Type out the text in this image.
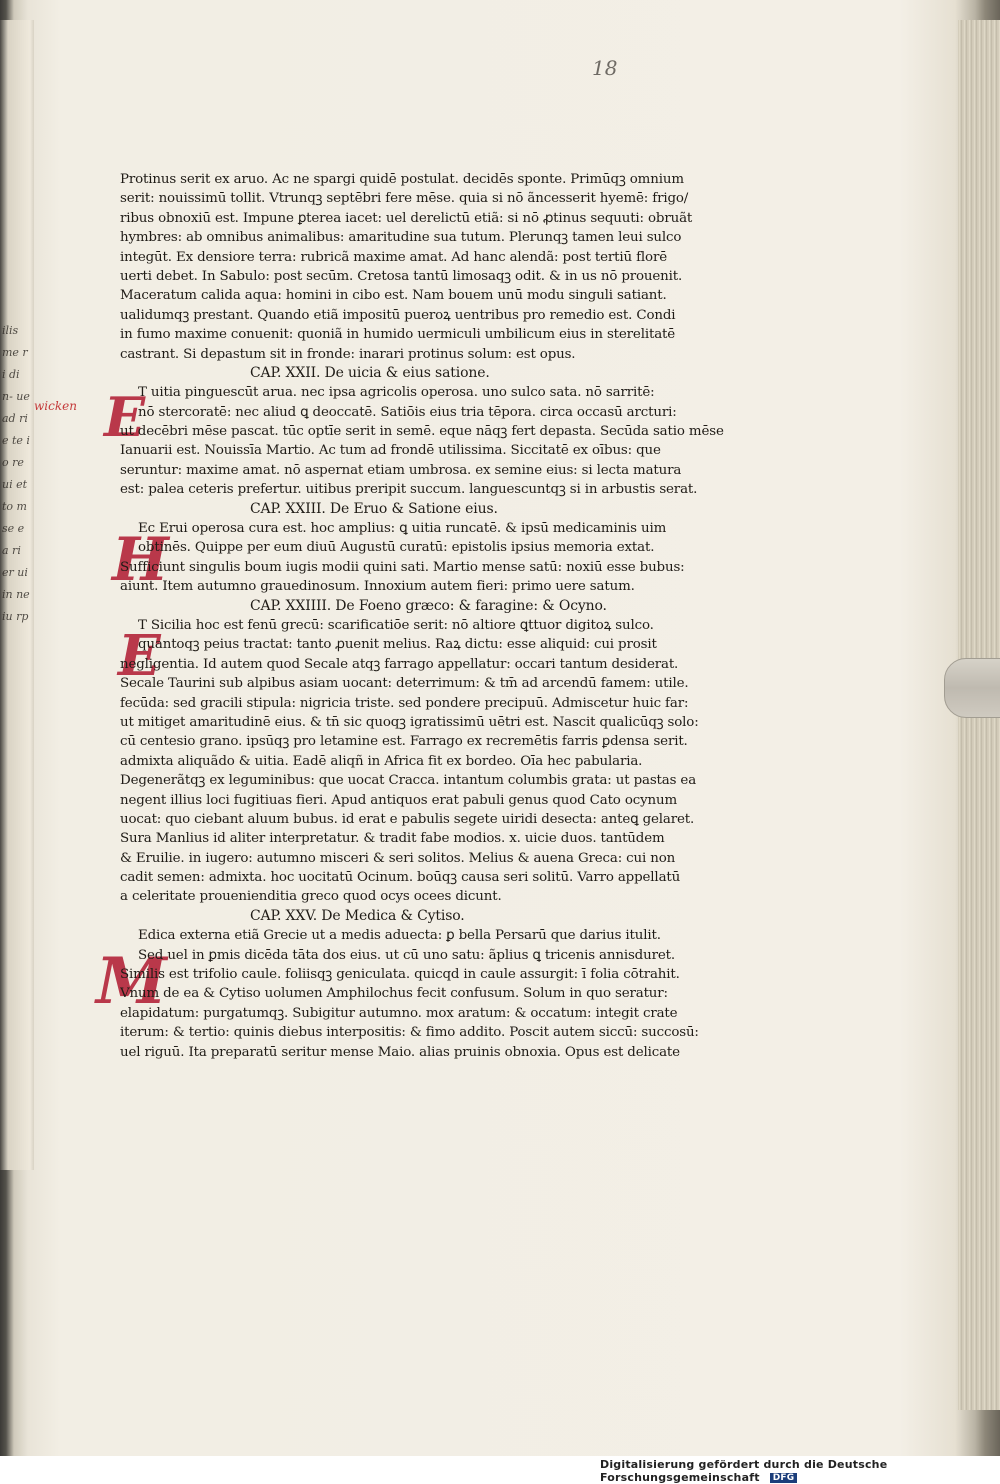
ilis me ri di n- ue ad rie te io re ui et to m se ea ri er ui in ne iu rp
18
wicken E
H
E
M
Protinus serit ex aruo. Ac ne spargi quidē postulat. decidēs sponte. Primūqꝫ omnium
serit: nouissimū tollit. Vtrunqꝫ septēbri fere mēse. quia si nō ãncesserit hyemē: frigo/
ribus obnoxiū est. Impune ꝑterea iacet: uel derelictū etiã: si nō ꝓtinus sequuti: obruãt
hymbres: ab omnibus animalibus: amaritudine sua tutum. Plerunqꝫ tamen leui sulco
integūt. Ex densiore terra: rubricã maxime amat. Ad hanc alendã: post tertiū florē
uerti debet. In Sabulo: post secūm. Cretosa tantū limosaqꝫ odit. & in us nō prouenit.
Maceratum calida aqua: homini in cibo est. Nam bouem unū modu singuli satiant.
ualidumqꝫ prestant. Quando etiã impositū pueroꝝ uentribus pro remedio est. Condi
in fumo maxime conuenit: quoniã in humido uermiculi umbilicum eius in sterelitatē
castrant. Si depastum sit in fronde: inarari protinus solum: est opus.
CAP. XXII. De uicia & eius satione.
T uitia pinguescūt arua. nec ipsa agricolis operosa. uno sulco sata. nō sarritē:
nō stercoratē: nec aliud ꝗ deoccatē. Satiōis eius tria tēpora. circa occasū arcturi:
ut decēbri mēse pascat. tūc optīe serit in semē. eque nāqꝫ fert depasta. Secūda satio mēse
Ianuarii est. Nouissīa Martio. Ac tum ad frondē utilissima. Siccitatē ex oībus: que
seruntur: maxime amat. nō aspernat etiam umbrosa. ex semine eius: si lecta matura
est: palea ceteris prefertur. uitibus preripit succum. languescuntqꝫ si in arbustis serat.
CAP. XXIII. De Eruo & Satione eius.
Ec Erui operosa cura est. hoc amplius: ꝗ uitia runcatē. & ipsū medicaminis uim
obtinēs. Quippe per eum diuū Augustū curatū: epistolis ipsius memoria extat.
Sufficiunt singulis boum iugis modii quini sati. Martio mense satū: noxiū esse bubus:
aiunt. Item autumno grauedinosum. Innoxium autem fieri: primo uere satum.
CAP. XXIIII. De Foeno græco: & faragine: & Ocyno.
T Sicilia hoc est fenū grecū: scarificatiōe serit: nō altiore ꝗttuor digitoꝝ sulco.
quantoqꝫ peius tractat: tanto ꝓuenit melius. Raꝝ dictu: esse aliquid: cui prosit
negligentia. Id autem quod Secale atqꝫ farrago appellatur: occari tantum desiderat.
Secale Taurini sub alpibus asiam uocant: deterrimum: & tm̄ ad arcendū famem: utile.
fecūda: sed gracili stipula: nigricia triste. sed pondere precipuū. Admiscetur huic far:
ut mitiget amaritudinē eius. & tn̄ sic quoqꝫ igratissimū uētri est. Nascit qualicūqꝫ solo:
cū centesio grano. ipsūqꝫ pro letamine est. Farrago ex recremētis farris ꝑdensa serit.
admixta aliquãdo & uitia. Eadē aliqñ in Africa fit ex bordeo. Oīa hec pabularia.
Degenerãtqꝫ ex leguminibus: que uocat Cracca. intantum columbis grata: ut pastas ea
negent illius loci fugitiuas fieri. Apud antiquos erat pabuli genus quod Cato ocynum
uocat: quo ciebant aluum bubus. id erat e pabulis segete uiridi desecta: anteꝗ gelaret.
Sura Manlius id aliter interpretatur. & tradit fabe modios. x. uicie duos. tantūdem
& Eruilie. in iugero: autumno misceri & seri solitos. Melius & auena Greca: cui non
cadit semen: admixta. hoc uocitatū Ocinum. boūqꝫ causa seri solitū. Varro appellatū
a celeritate prouenienditia greco quod ocys ocees dicunt.
CAP. XXV. De Medica & Cytiso.
Edica externa etiã Grecie ut a medis aduecta: ꝑ bella Persarū que darius itulit.
Sed uel in ꝑmis dicēda tāta dos eius. ut cū uno satu: ãplius ꝗ tricenis annisduret.
Similis est trifolio caule. foliisqꝫ geniculata. quicqd in caule assurgit: ī folia cōtrahit.
Vnum de ea & Cytiso uolumen Amphilochus fecit confusum. Solum in quo seratur:
elapidatum: purgatumqꝫ. Subigitur autumno. mox aratum: & occatum: integit crate
iterum: & tertio: quinis diebus interpositis: & fimo addito. Poscit autem siccū: succosū:
uel riguū. Ita preparatū seritur mense Maio. alias pruinis obnoxia. Opus est delicate
Digitalisierung gefördert durch die Deutsche Forschungsgemeinschaft DFG
